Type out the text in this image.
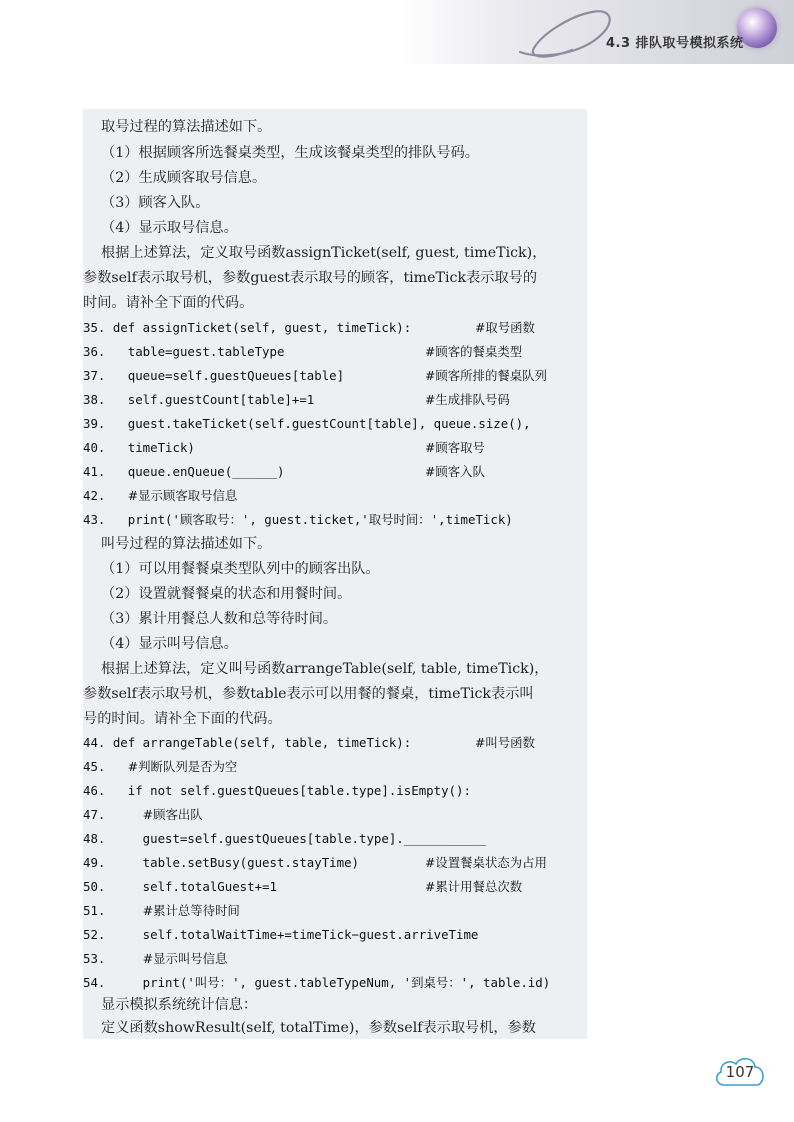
4.3 排队取号模拟系统
取号过程的算法描述如下。
（1）根据顾客所选餐桌类型，生成该餐桌类型的排队号码。
（2）生成顾客取号信息。
（3）顾客入队。
（4）显示取号信息。
根据上述算法，定义取号函数assignTicket(self, guest, timeTick)，
参数self表示取号机，参数guest表示取号的顾客，timeTick表示取号的
时间。请补全下面的代码。
35. def assignTicket(self, guest, timeTick):	#取号函数
36.   table=guest.tableType	#顾客的餐桌类型
37.   queue=self.guestQueues[table]	#顾客所排的餐桌队列
38.   self.guestCount[table]+=1	#生成排队号码
39.   guest.takeTicket(self.guestCount[table], queue.size(),
40.   timeTick)	#顾客取号
41.   queue.enQueue(______)	#顾客入队
42.   #显示顾客取号信息
43.   print('顾客取号：', guest.ticket,'取号时间：',timeTick)
叫号过程的算法描述如下。
（1）可以用餐餐桌类型队列中的顾客出队。
（2）设置就餐餐桌的状态和用餐时间。
（3）累计用餐总人数和总等待时间。
（4）显示叫号信息。
根据上述算法，定义叫号函数arrangeTable(self, table, timeTick)，
参数self表示取号机，参数table表示可以用餐的餐桌，timeTick表示叫
号的时间。请补全下面的代码。
44. def arrangeTable(self, table, timeTick):	#叫号函数
45.   #判断队列是否为空
46.   if not self.guestQueues[table.type].isEmpty():
47.     #顾客出队
48.     guest=self.guestQueues[table.type].___________
49.     table.setBusy(guest.stayTime)	#设置餐桌状态为占用
50.     self.totalGuest+=1	#累计用餐总次数
51.     #累计总等待时间
52.     self.totalWaitTime+=timeTick−guest.arriveTime
53.     #显示叫号信息
54.     print('叫号：', guest.tableTypeNum, '到桌号：', table.id)
显示模拟系统统计信息：
定义函数showResult(self, totalTime)，参数self表示取号机，参数
107
